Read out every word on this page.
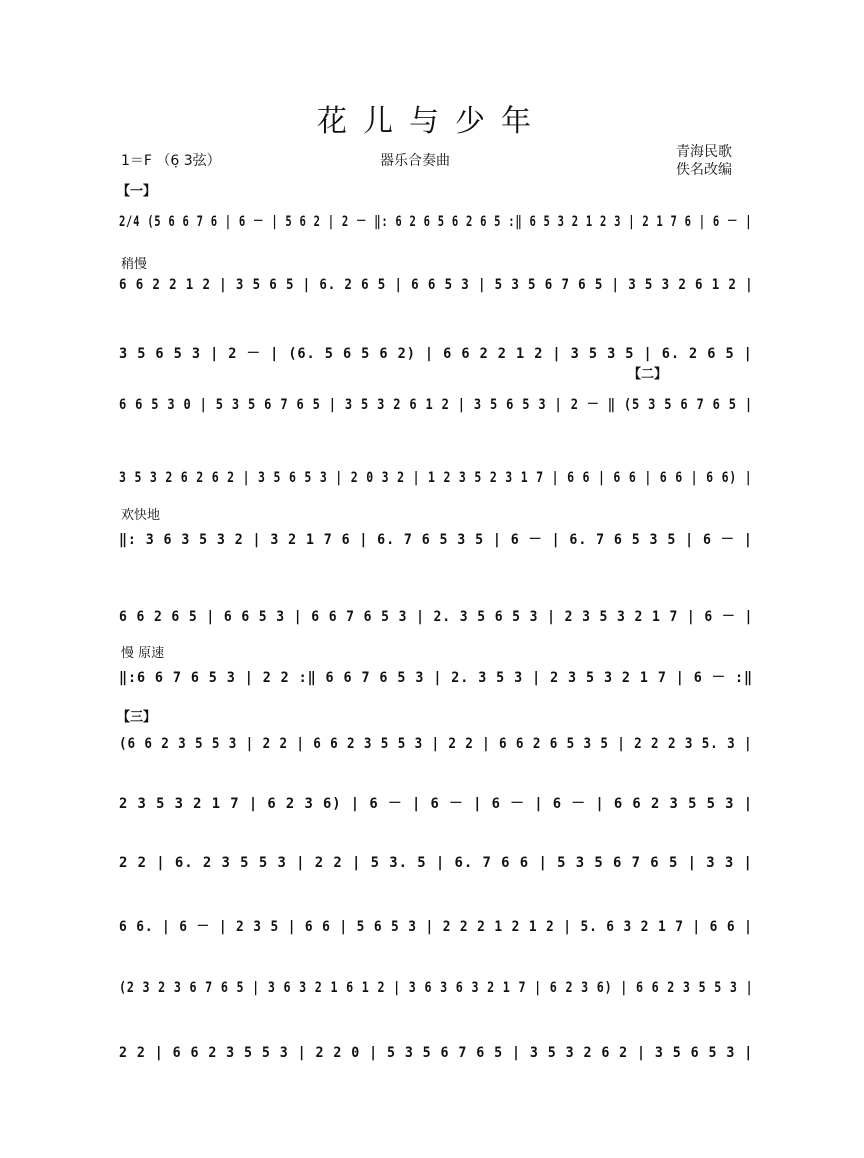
花儿与少年
1＝F （6̣ 3弦）	器乐合奏曲
青海民歌
佚名改编
【一】
2/4 (5 6 6 7 6 | 6 － | 5 6 2 | 2 － ‖: 6 2 6 5 6 2 6 5 :‖ 6 5 3 2 1 2 3 | 2 1 7 6 | 6 － |
稍慢
6 6 2 2 1 2 | 3 5 6 5 | 6. 2 6 5 | 6 6 5 3 | 5 3 5 6 7 6 5 | 3 5 3 2 6 1 2 |
3 5 6 5 3 | 2 － | (6. 5 6 5 6 2) | 6 6 2 2 1 2 | 3 5 3 5 | 6. 2 6 5 |
【二】
6 6 5 3 0 | 5 3 5 6 7 6 5 | 3 5 3 2 6 1 2 | 3 5 6 5 3 | 2 － ‖ (5 3 5 6 7 6 5 |
3 5 3 2 6 2 6 2 | 3 5 6 5 3 | 2 0 3 2 | 1 2 3 5 2 3 1 7 | 6 6 | 6 6 | 6 6 | 6 6) |
欢快地
‖: 3 6 3 5 3 2 | 3 2 1 7 6 | 6. 7 6 5 3 5 | 6 － | 6. 7 6 5 3 5 | 6 － |
6 6 2 6 5 | 6 6 5 3 | 6 6 7 6 5 3 | 2. 3 5 6 5 3 | 2 3 5 3 2 1 7 | 6 － |
慢 原速
‖:6 6 7 6 5 3 | 2 2 :‖ 6 6 7 6 5 3 | 2. 3 5 3 | 2 3 5 3 2 1 7 | 6 － :‖
【三】
(6 6 2 3 5 5 3 | 2 2 | 6 6 2 3 5 5 3 | 2 2 | 6 6 2 6 5 3 5 | 2 2 2 3 5. 3 |
2 3 5 3 2 1 7 | 6 2 3 6) | 6 － | 6 － | 6 － | 6 － | 6 6 2 3 5 5 3 |
2 2 | 6. 2 3 5 5 3 | 2 2 | 5 3. 5 | 6. 7 6 6 | 5 3 5 6 7 6 5 | 3 3 |
6 6. | 6 － | 2 3 5 | 6 6 | 5 6 5 3 | 2 2 2 1 2 1 2 | 5. 6 3 2 1 7 | 6 6 |
(2 3 2 3 6 7 6 5 | 3 6 3 2 1 6 1 2 | 3 6 3 6 3 2 1 7 | 6 2 3 6) | 6 6 2 3 5 5 3 |
2 2 | 6 6 2 3 5 5 3 | 2 2 0 | 5 3 5 6 7 6 5 | 3 5 3 2 6 2 | 3 5 6 5 3 |
